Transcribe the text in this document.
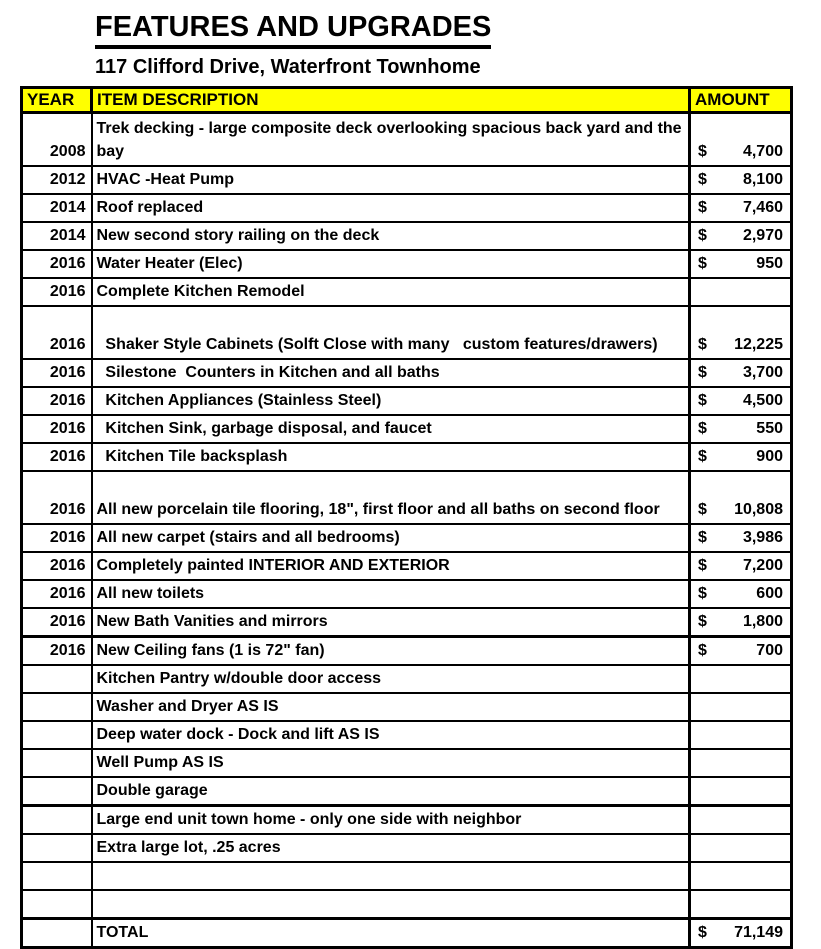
FEATURES AND UPGRADES
117 Clifford Drive, Waterfront Townhome
YEAR	ITEM DESCRIPTION	AMOUNT
2008	Trek decking - large composite deck overlooking spacious back yard and the bay	$ 4,700

2012	HVAC -Heat Pump	$ 8,100

2014	Roof replaced	$ 7,460

2014	New second story railing on the deck	$ 2,970

2016	Water Heater (Elec)	$ 950

2016	Complete Kitchen Remodel	

2016	Shaker Style Cabinets (Solft Close with many   custom features/drawers)	$ 12,225

2016	Silestone  Counters in Kitchen and all baths	$ 3,700

2016	Kitchen Appliances (Stainless Steel)	$ 4,500

2016	Kitchen Sink, garbage disposal, and faucet	$ 550

2016	Kitchen Tile backsplash	$ 900

2016	All new porcelain tile flooring, 18", first floor and all baths on second floor	$ 10,808

2016	All new carpet (stairs and all bedrooms)	$ 3,986

2016	Completely painted INTERIOR AND EXTERIOR	$ 7,200

2016	All new toilets	$ 600

2016	New Bath Vanities and mirrors	$ 1,800

2016	New Ceiling fans (1 is 72" fan)	$ 700

	Kitchen Pantry w/double door access	

	Washer and Dryer AS IS	

	Deep water dock - Dock and lift AS IS	

	Well Pump AS IS	

	Double garage	

	Large end unit town home - only one side with neighbor	

	Extra large lot, .25 acres	

	TOTAL	$ 71,149
